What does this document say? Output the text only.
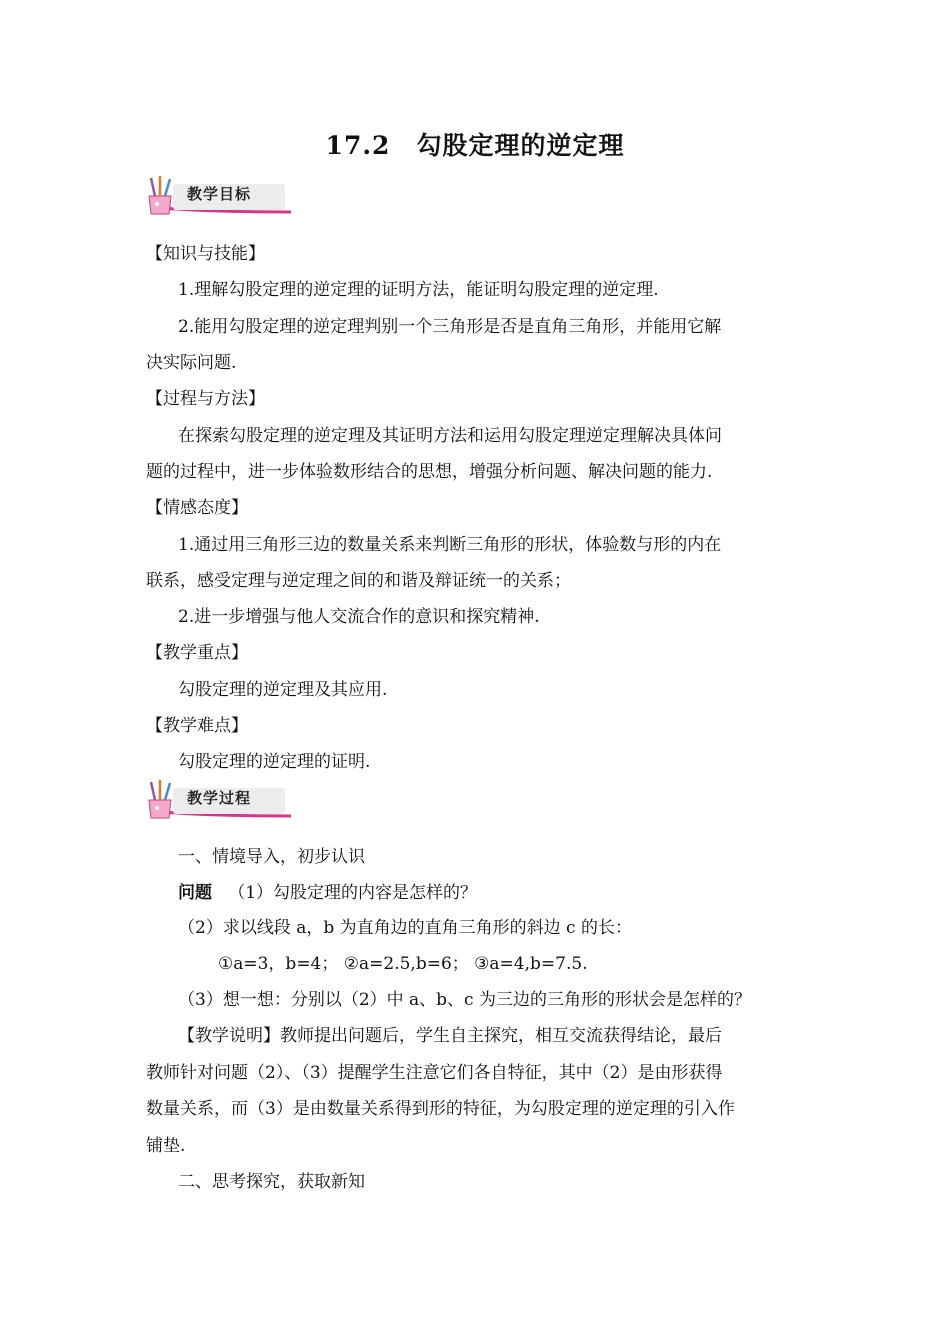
17.2 勾股定理的逆定理
教学目标
【知识与技能】
1.理解勾股定理的逆定理的证明方法，能证明勾股定理的逆定理.
2.能用勾股定理的逆定理判别一个三角形是否是直角三角形，并能用它解
决实际问题.
【过程与方法】
在探索勾股定理的逆定理及其证明方法和运用勾股定理逆定理解决具体问
题的过程中，进一步体验数形结合的思想，增强分析问题、解决问题的能力.
【情感态度】
1.通过用三角形三边的数量关系来判断三角形的形状，体验数与形的内在
联系，感受定理与逆定理之间的和谐及辩证统一的关系；
2.进一步增强与他人交流合作的意识和探究精神.
【教学重点】
勾股定理的逆定理及其应用.
【教学难点】
勾股定理的逆定理的证明.
教学过程
一、情境导入，初步认识
问题 （1）勾股定理的内容是怎样的？
（2）求以线段 a，b 为直角边的直角三角形的斜边 c 的长：
①a=3，b=4； ②a=2.5,b=6； ③a=4,b=7.5.
（3）想一想：分别以（2）中 a、b、c 为三边的三角形的形状会是怎样的？
【教学说明】教师提出问题后，学生自主探究，相互交流获得结论，最后
教师针对问题（2）、（3）提醒学生注意它们各自特征，其中（2）是由形获得
数量关系，而（3）是由数量关系得到形的特征，为勾股定理的逆定理的引入作
铺垫.
二、思考探究，获取新知
